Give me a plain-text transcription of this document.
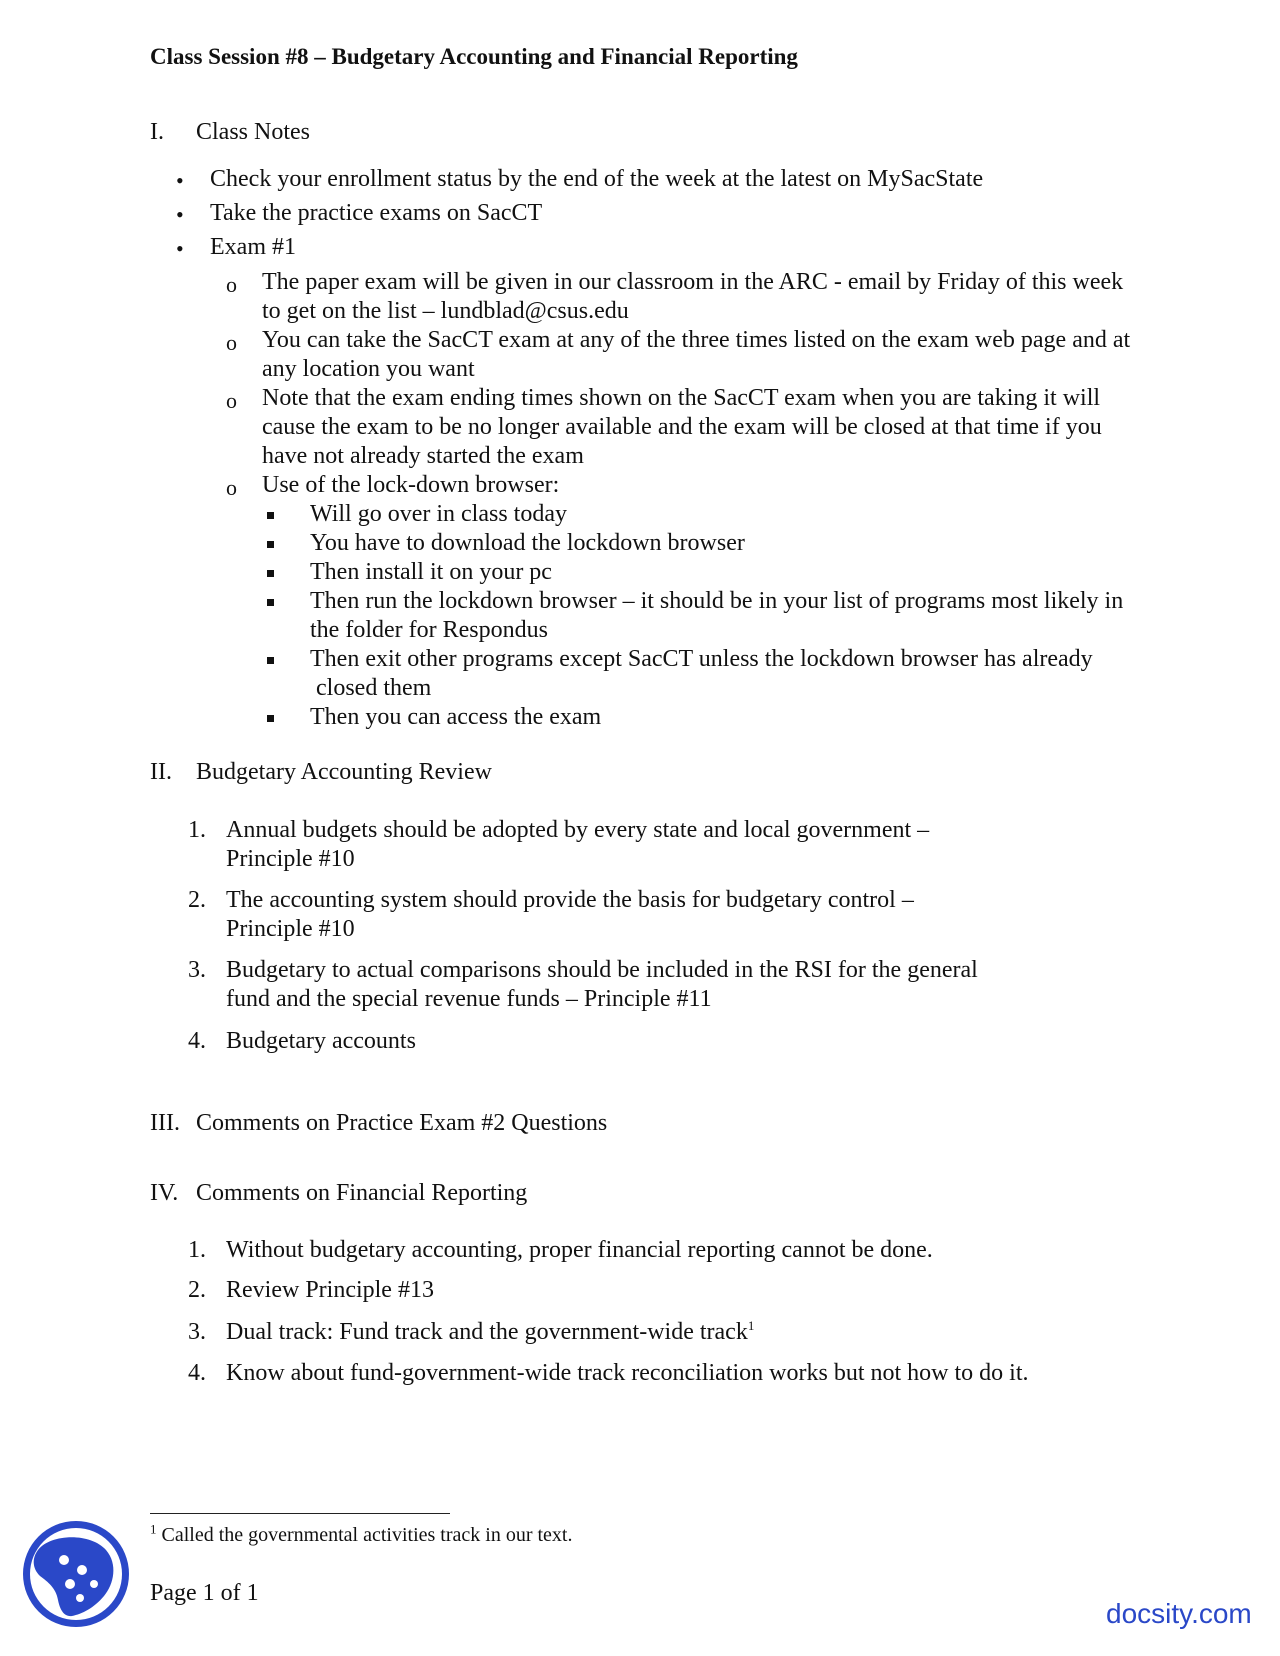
Class Session #8 – Budgetary Accounting and Financial Reporting
I. Class Notes
• Check your enrollment status by the end of the week at the latest on MySacState
• Take the practice exams on SacCT
• Exam #1
o The paper exam will be given in our classroom in the ARC - email by Friday of this week
to get on the list – lundblad@csus.edu
o You can take the SacCT exam at any of the three times listed on the exam web page and at
any location you want
o Note that the exam ending times shown on the SacCT exam when you are taking it will
cause the exam to be no longer available and the exam will be closed at that time if you
have not already started the exam
o Use of the lock-down browser:
Will go over in class today
You have to download the lockdown browser
Then install it on your pc
Then run the lockdown browser – it should be in your list of programs most likely in
the folder for Respondus
Then exit other programs except SacCT unless the lockdown browser has already
closed them
Then you can access the exam
II. Budgetary Accounting Review
1. Annual budgets should be adopted by every state and local government –
Principle #10
2. The accounting system should provide the basis for budgetary control –
Principle #10
3. Budgetary to actual comparisons should be included in the RSI for the general
fund and the special revenue funds – Principle #11
4. Budgetary accounts
III. Comments on Practice Exam #2 Questions
IV. Comments on Financial Reporting
1. Without budgetary accounting, proper financial reporting cannot be done.
2. Review Principle #13
3. Dual track: Fund track and the government-wide track$^1$
4. Know about fund-government-wide track reconciliation works but not how to do it.
$^1$ Called the governmental activities track in our text.
Page 1 of 1
docsity.com
